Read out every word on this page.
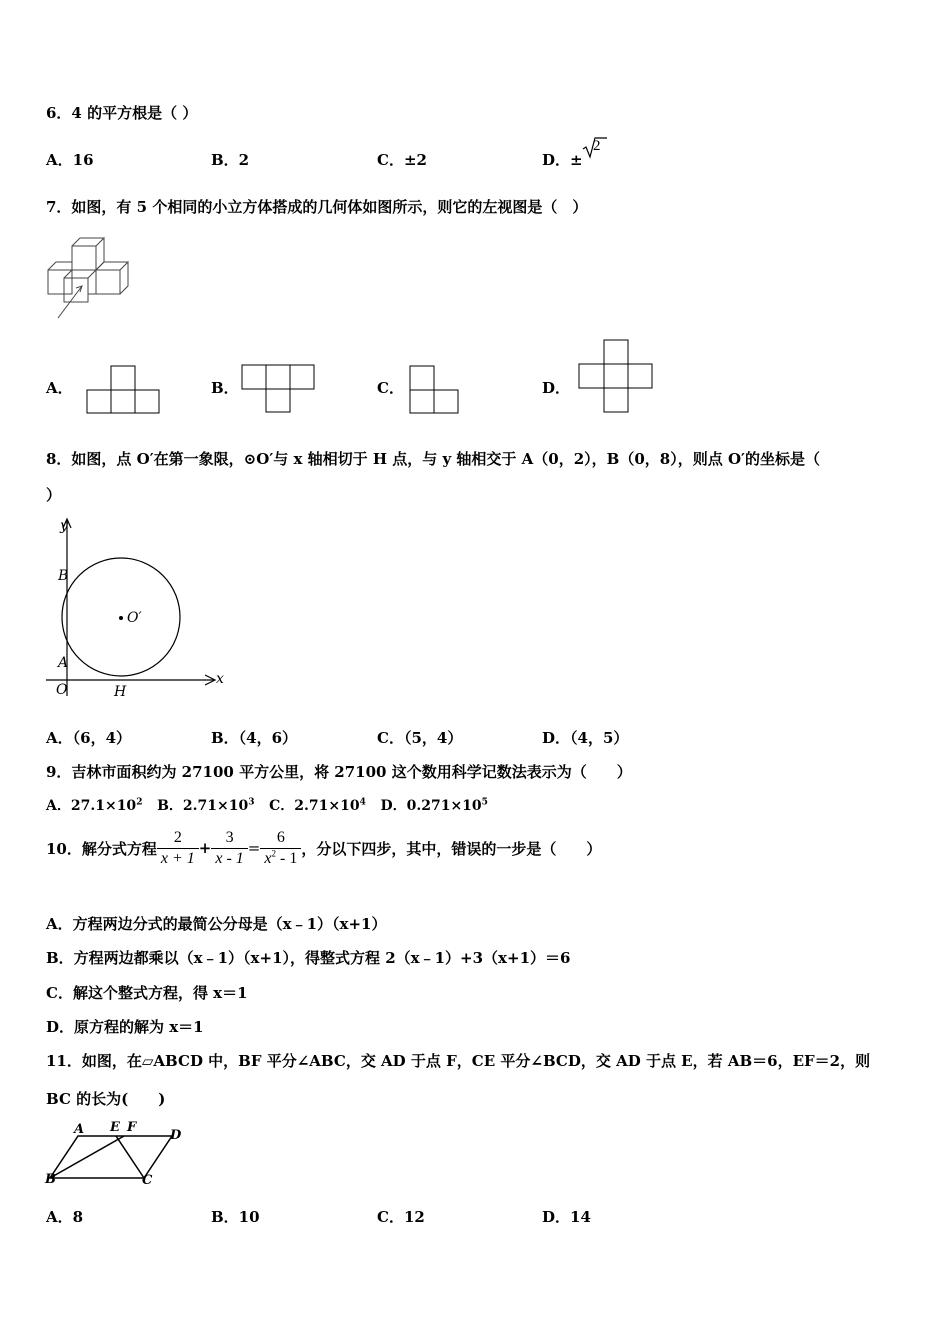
6．4 的平方根是（ ）
A．16	B．2	C．±2	D．±
2
7．如图，有 5 个相同的小立方体搭成的几何体如图所示，则它的左视图是（　）
A．	B．	C．	D．
8．如图，点 O′在第一象限，⊙O′与 x 轴相切于 H 点，与 y 轴相交于 A（0，2），B（0，8），则点 O′的坐标是（
）
y
x
B
A
O	H
O′
A．（6，4）	B．（4，6）	C．（5，4）	D．（4，5）
9．吉林市面积约为 27100 平方公里，将 27100 这个数用科学记数法表示为（　　）
A．$27.1\times 10^2$ B．$2.71\times 10^3$ C．$2.71\times 10^4$ D．$0.271\times 10^5$
10．解分式方程 $\frac{2}{x + 1} + \frac{3}{x - 1} = \frac{6}{x^2 - 1}$ ，分以下四步，其中，错误的一步是（　　）
A．方程两边分式的最简公分母是（x﹣1）（x+1）
B．方程两边都乘以（x﹣1）（x+1），得整式方程 2（x﹣1）+3（x+1）＝6
C．解这个整式方程，得 x＝1
D．原方程的解为 x＝1
11．如图，在▱ABCD 中，BF 平分∠ABC，交 AD 于点 F，CE 平分∠BCD，交 AD 于点 E，若 AB＝6，EF＝2，则
BC 的长为(　　)
A E F
D
B	C
A．8	B．10	C．12	D．14
